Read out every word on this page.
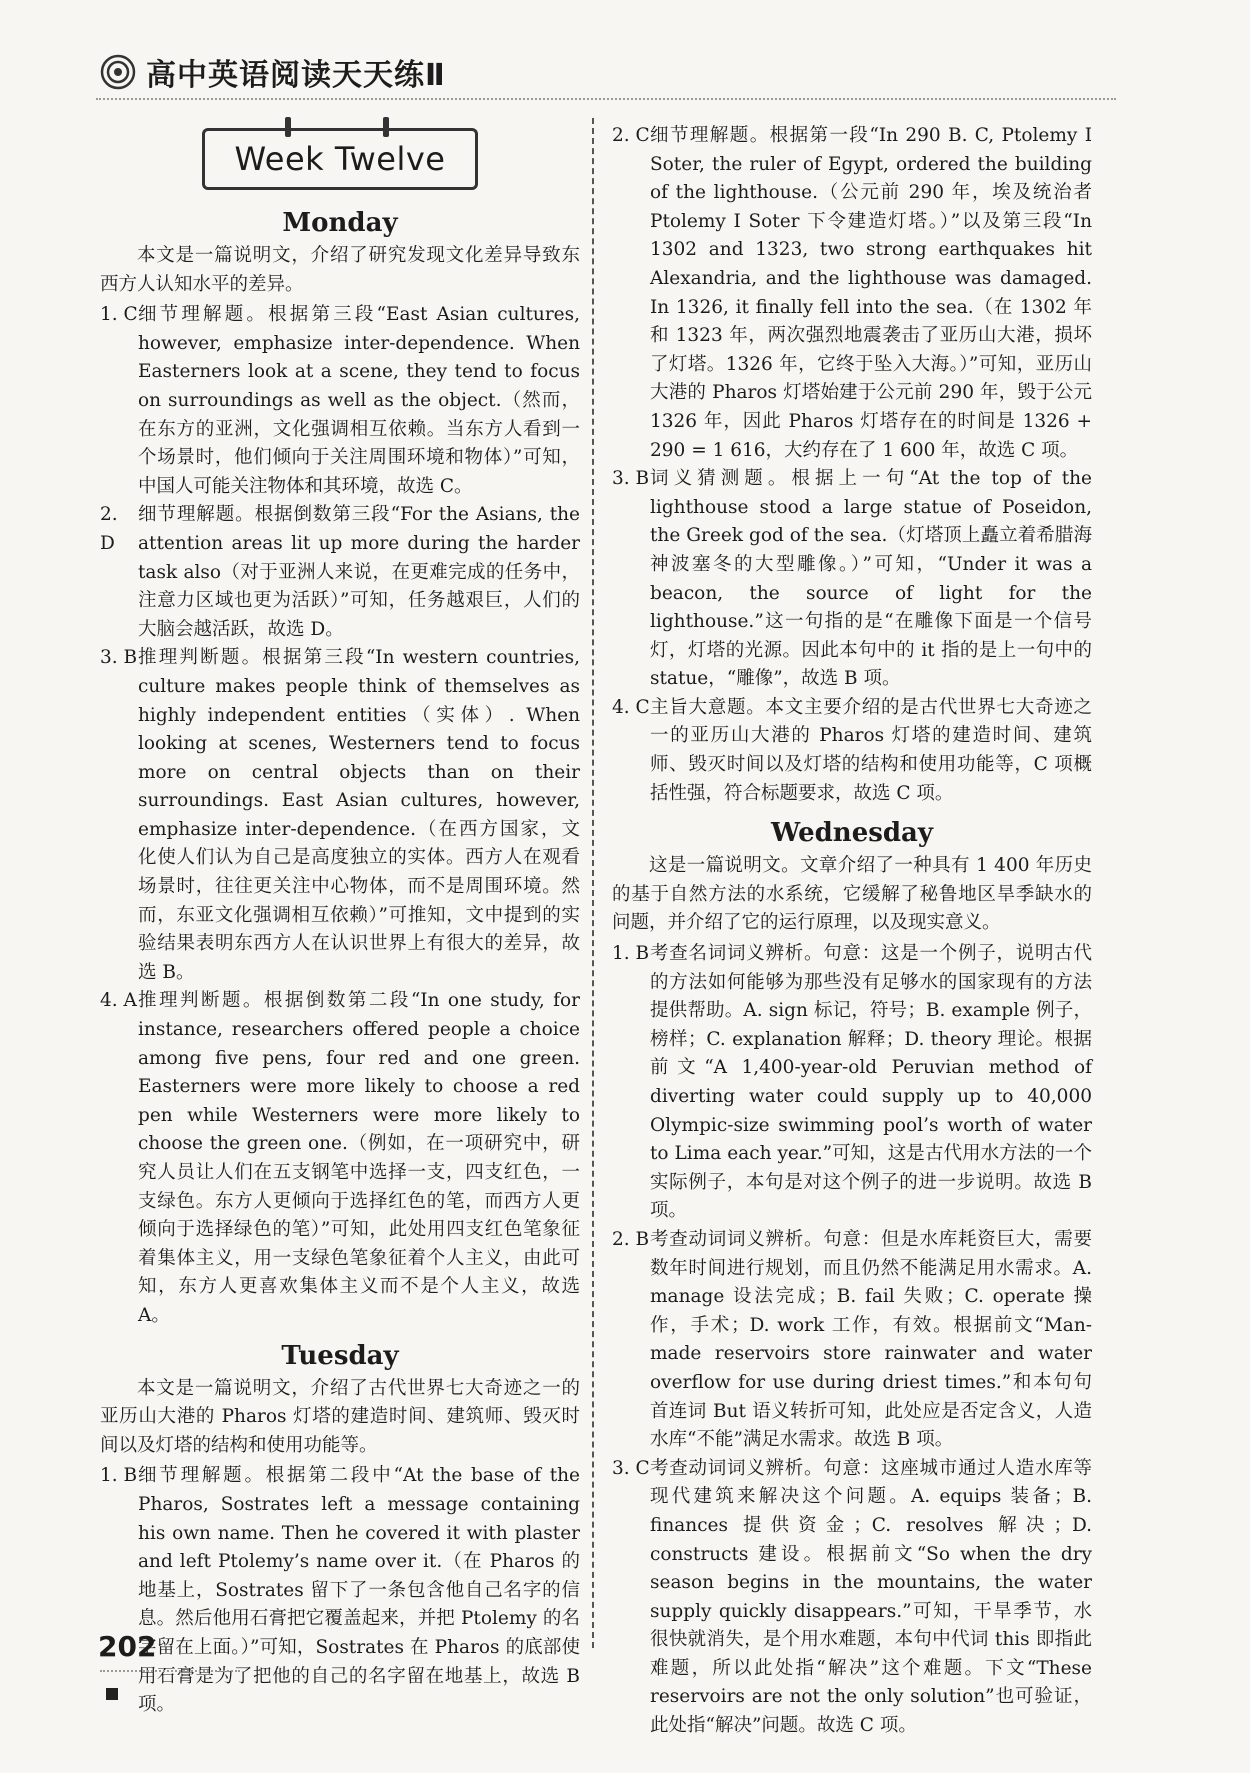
高中英语阅读天天练Ⅱ
Week Twelve
Monday

本文是一篇说明文，介绍了研究发现文化差异导致东西方人认知水平的差异。

1. C 细节理解题。根据第三段“East Asian cultures, however, emphasize inter-dependence. When Easterners look at a scene, they tend to focus on surroundings as well as the object.（然而，在东方的亚洲，文化强调相互依赖。当东方人看到一个场景时，他们倾向于关注周围环境和物体）”可知，中国人可能关注物体和其环境，故选 C。
2. D
细节理解题。根据倒数第三段“For the Asians, the attention areas lit up more during the harder task also（对于亚洲人来说，在更难完成的任务中，注意力区域也更为活跃）”可知，任务越艰巨，人们的大脑会越活跃，故选 D。
3. B 推理判断题。根据第三段“In western countries, culture makes people think of themselves as highly independent entities（实体）. When looking at scenes, Westerners tend to focus more on central objects than on their surroundings. East Asian cultures, however, emphasize inter-dependence.（在西方国家，文化使人们认为自己是高度独立的实体。西方人在观看场景时，往往更关注中心物体，而不是周围环境。然而，东亚文化强调相互依赖）”可推知，文中提到的实验结果表明东西方人在认识世界上有很大的差异，故选 B。
4. A 推理判断题。根据倒数第二段“In one study, for instance, researchers offered people a choice among five pens, four red and one green. Easterners were more likely to choose a red pen while Westerners were more likely to choose the green one.（例如，在一项研究中，研究人员让人们在五支钢笔中选择一支，四支红色，一支绿色。东方人更倾向于选择红色的笔，而西方人更倾向于选择绿色的笔）”可知，此处用四支红色笔象征着集体主义，用一支绿色笔象征着个人主义，由此可知，东方人更喜欢集体主义而不是个人主义，故选 A。
Tuesday

本文是一篇说明文，介绍了古代世界七大奇迹之一的亚历山大港的 Pharos 灯塔的建造时间、建筑师、毁灭时间以及灯塔的结构和使用功能等。

1. B 细节理解题。根据第二段中“At the base of the Pharos, Sostrates left a message containing his own name. Then he covered it with plaster and left Ptolemy’s name over it.（在 Pharos 的地基上，Sostrates 留下了一条包含他自己名字的信息。然后他用石膏把它覆盖起来，并把 Ptolemy 的名字留在上面。）”可知，Sostrates 在 Pharos 的底部使用石膏是为了把他的自己的名字留在地基上，故选 B 项。
2. C 细节理解题。根据第一段“In 290 B. C, Ptolemy I Soter, the ruler of Egypt, ordered the building of the lighthouse.（公元前 290 年，埃及统治者 Ptolemy I Soter 下令建造灯塔。）”以及第三段“In 1302 and 1323, two strong earthquakes hit Alexandria, and the lighthouse was damaged. In 1326, it finally fell into the sea.（在 1302 年和 1323 年，两次强烈地震袭击了亚历山大港，损坏了灯塔。1326 年，它终于坠入大海。）”可知，亚历山大港的 Pharos 灯塔始建于公元前 290 年，毁于公元 1326 年，因此 Pharos 灯塔存在的时间是 1326 + 290 = 1 616，大约存在了 1 600 年，故选 C 项。
3. B 词义猜测题。根据上一句“At the top of the lighthouse stood a large statue of Poseidon, the Greek god of the sea.（灯塔顶上矗立着希腊海神波塞冬的大型雕像。）”可知，“Under it was a beacon, the source of light for the lighthouse.”这一句指的是“在雕像下面是一个信号灯，灯塔的光源。因此本句中的 it 指的是上一句中的 statue，“雕像”，故选 B 项。
4. C 主旨大意题。本文主要介绍的是古代世界七大奇迹之一的亚历山大港的 Pharos 灯塔的建造时间、建筑师、毁灭时间以及灯塔的结构和使用功能等，C 项概括性强，符合标题要求，故选 C 项。
Wednesday

这是一篇说明文。文章介绍了一种具有 1 400 年历史的基于自然方法的水系统，它缓解了秘鲁地区旱季缺水的问题，并介绍了它的运行原理，以及现实意义。

1. B 考查名词词义辨析。句意：这是一个例子，说明古代的方法如何能够为那些没有足够水的国家现有的方法提供帮助。A. sign 标记，符号；B. example 例子，榜样；C. explanation 解释；D. theory 理论。根据前文“A 1,400-year-old Peruvian method of diverting water could supply up to 40,000 Olympic-size swimming pool’s worth of water to Lima each year.”可知，这是古代用水方法的一个实际例子，本句是对这个例子的进一步说明。故选 B 项。
2. B 考查动词词义辨析。句意：但是水库耗资巨大，需要数年时间进行规划，而且仍然不能满足用水需求。A. manage 设法完成；B. fail 失败；C. operate 操作，手术；D. work 工作，有效。根据前文“Man-made reservoirs store rainwater and water overflow for use during driest times.”和本句句首连词 But 语义转折可知，此处应是否定含义，人造水库“不能”满足水需求。故选 B 项。
3. C 考查动词词义辨析。句意：这座城市通过人造水库等现代建筑来解决这个问题。A. equips 装备；B. finances 提供资金；C. resolves 解决；D. constructs 建设。根据前文“So when the dry season begins in the mountains, the water supply quickly disappears.”可知，干旱季节，水很快就消失，是个用水难题，本句中代词 this 即指此难题，所以此处指“解决”这个难题。下文“These reservoirs are not the only solution”也可验证，此处指“解决”问题。故选 C 项。
202
